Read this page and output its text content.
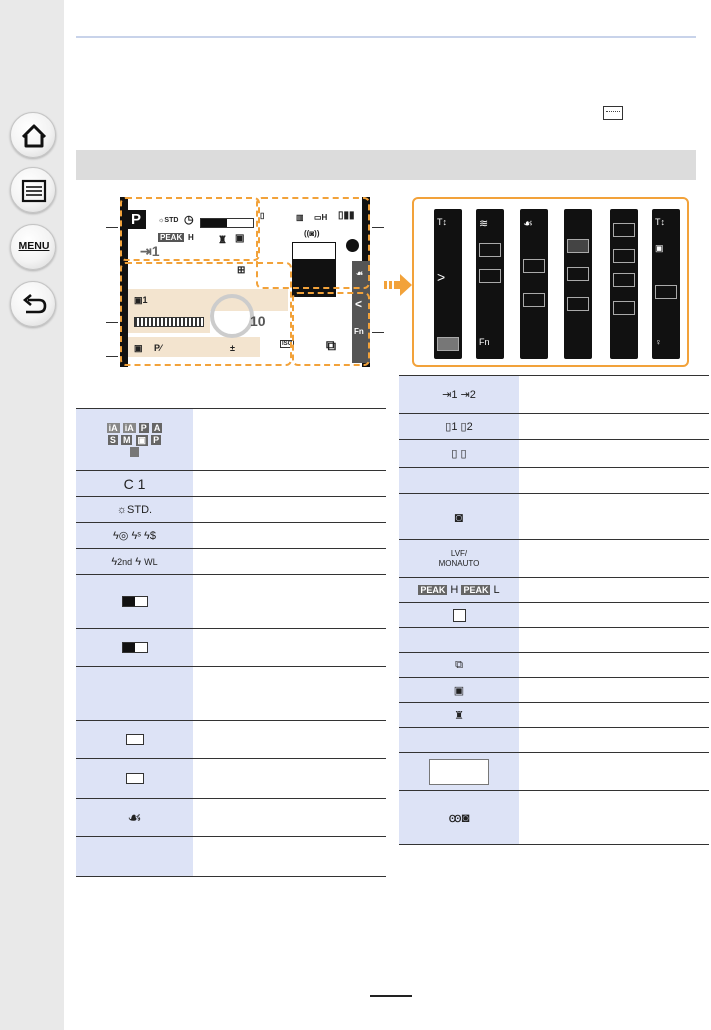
MENU
P ☼STD ◷	▯
PEAK H ♜ ▣
⇥1
▥ ▭H ▯▮▮
((◙))
▣1
▣ P⁄	±
⊞
10
ISO ⧉
☙
<
Fn
T↕
>
≋
Fn
☙	T↕
▣
♀
iA iA P A
S M ▣ P

C 1	
☼STD.	
ϟ◎ ϟˢ ϟ$	
ϟ2nd ϟ WL	

☙	

⇥1 ⇥2	
▯1 ▯2	
▯ ▯	

◙	
LVF/
MONAUTO	
PEAK H PEAK L	

⧉	
▣	
♜	

ꙭ◙	
